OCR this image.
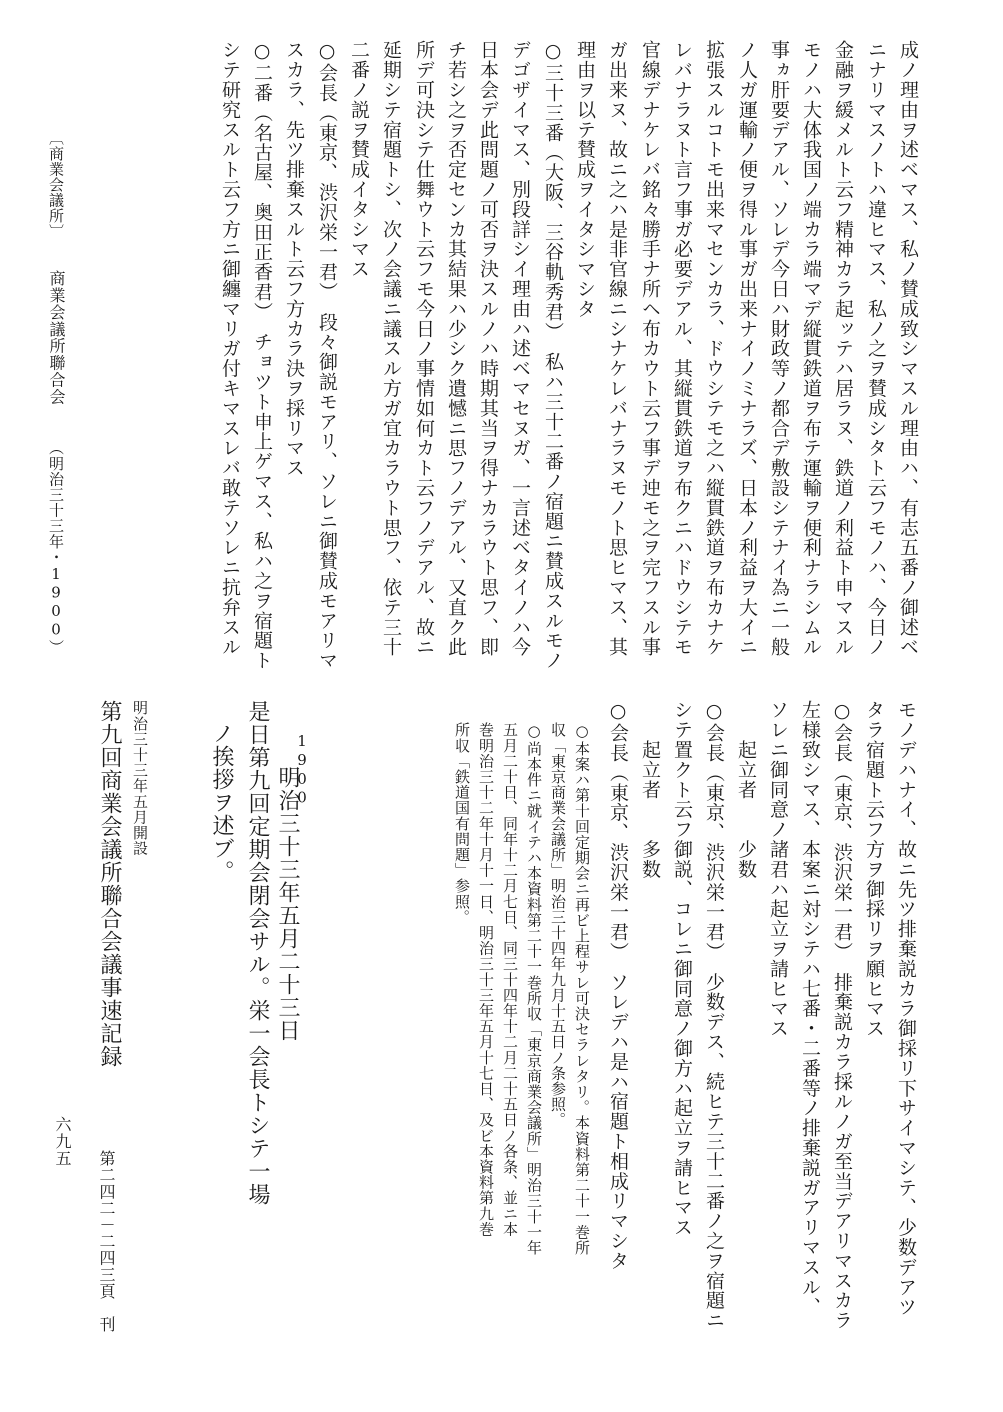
成ノ理由ヲ述ベマス、私ノ賛成致シマスル理由ハ、有志五番ノ御述ベ
ニナリマスノトハ違ヒマス、私ノ之ヲ賛成シタト云フモノハ、今日ノ
金融ヲ緩メルト云フ精神カラ起ッテハ居ラヌ、鉄道ノ利益ト申マスル
モノハ大体我国ノ端カラ端マデ縦貫鉄道ヲ布テ運輸ヲ便利ナラシムル
事ヵ肝要デアル、ソレデ今日ハ財政等ノ都合デ敷設シテナイ為ニ一般
ノ人ガ運輸ノ便ヲ得ル事ガ出来ナイノミナラズ、日本ノ利益ヲ大イニ
拡張スルコトモ出来マセンカラ、ドウシテモ之ハ縦貫鉄道ヲ布カナケ
レバナラヌト言フ事ガ必要デアル、其縦貫鉄道ヲ布クニハドウシテモ
官線デナケレバ銘々勝手ナ所ヘ布カウト云フ事デ迚モ之ヲ完フスル事
ガ出来ヌ、故ニ之ハ是非官線ニシナケレバナラヌモノト思ヒマス、其
理由ヲ以テ賛成ヲイタシマシタ
○三十三番（大阪、三谷軌秀君）　私ハ三十二番ノ宿題ニ賛成スルモノ
デゴザイマス、別段詳シイ理由ハ述ベマセヌガ、一言述ベタイノハ今
日本会デ此問題ノ可否ヲ決スルノハ時期其当ヲ得ナカラウト思フ、即
チ若シ之ヲ否定センカ其結果ハ少シク遺憾ニ思フノデアル、又直ク此
所デ可決シテ仕舞ウト云フモ今日ノ事情如何カト云フノデアル、故ニ
延期シテ宿題トシ、次ノ会議ニ議スル方ガ宜カラウト思フ、依テ三十
二番ノ説ヲ賛成イタシマス
○会長（東京、渋沢栄一君）　段々御説モアリ、ソレニ御賛成モアリマ
スカラ、先ツ排棄スルト云フ方カラ決ヲ採リマス
○二番（名古屋、奥田正香君）　チョツト申上ゲマス、私ハ之ヲ宿題ト
シテ研究スルト云フ方ニ御纏マリガ付キマスレバ敢テソレニ抗弁スル
モノデハナイ、故ニ先ツ排棄説カラ御採リ下サイマシテ、少数デアツ
タラ宿題ト云フ方ヲ御採リヲ願ヒマス
○会長（東京、渋沢栄一君）　排棄説カラ採ルノガ至当デアリマスカラ
左様致シマス、本案ニ対シテハ七番・二番等ノ排棄説ガアリマスル、
ソレニ御同意ノ諸君ハ起立ヲ請ヒマス
　　起立者　　少数
○会長（東京、渋沢栄一君）　少数デス、続ヒテ三十二番ノ之ヲ宿題ニ
シテ置クト云フ御説、コレニ御同意ノ御方ハ起立ヲ請ヒマス
　　起立者　　多数
○会長（東京、渋沢栄一君）　ソレデハ是ハ宿題ト相成リマシタ
○本案ハ第十回定期会ニ再ビ上程サレ可決セラレタリ。本資料第二十一巻所
収「東京商業会議所」明治三十四年九月十五日ノ条参照。
○尚本件ニ就イテハ本資料第二十一巻所収「東京商業会議所」明治三十一年
五月二十日、同年十二月七日、同三十四年十二月二十五日ノ各条、並ニ本
巻明治三十二年十月十一日、明治三十三年五月十七日、及ビ本資料第九巻
所収「鉄道国有問題」参照。
是日第九回定期会閉会サル。栄一会長トシテ一場
ノ挨拶ヲ述ブ。	1900
明治三十三年五月二十三日
明治三十三年五月開設
第九回商業会議所聯合会議事速記録
第二四二－二四三頁　刊
〔商業会議所〕
商業会議所聯合会
（明治三十三年・1900）
六九五
